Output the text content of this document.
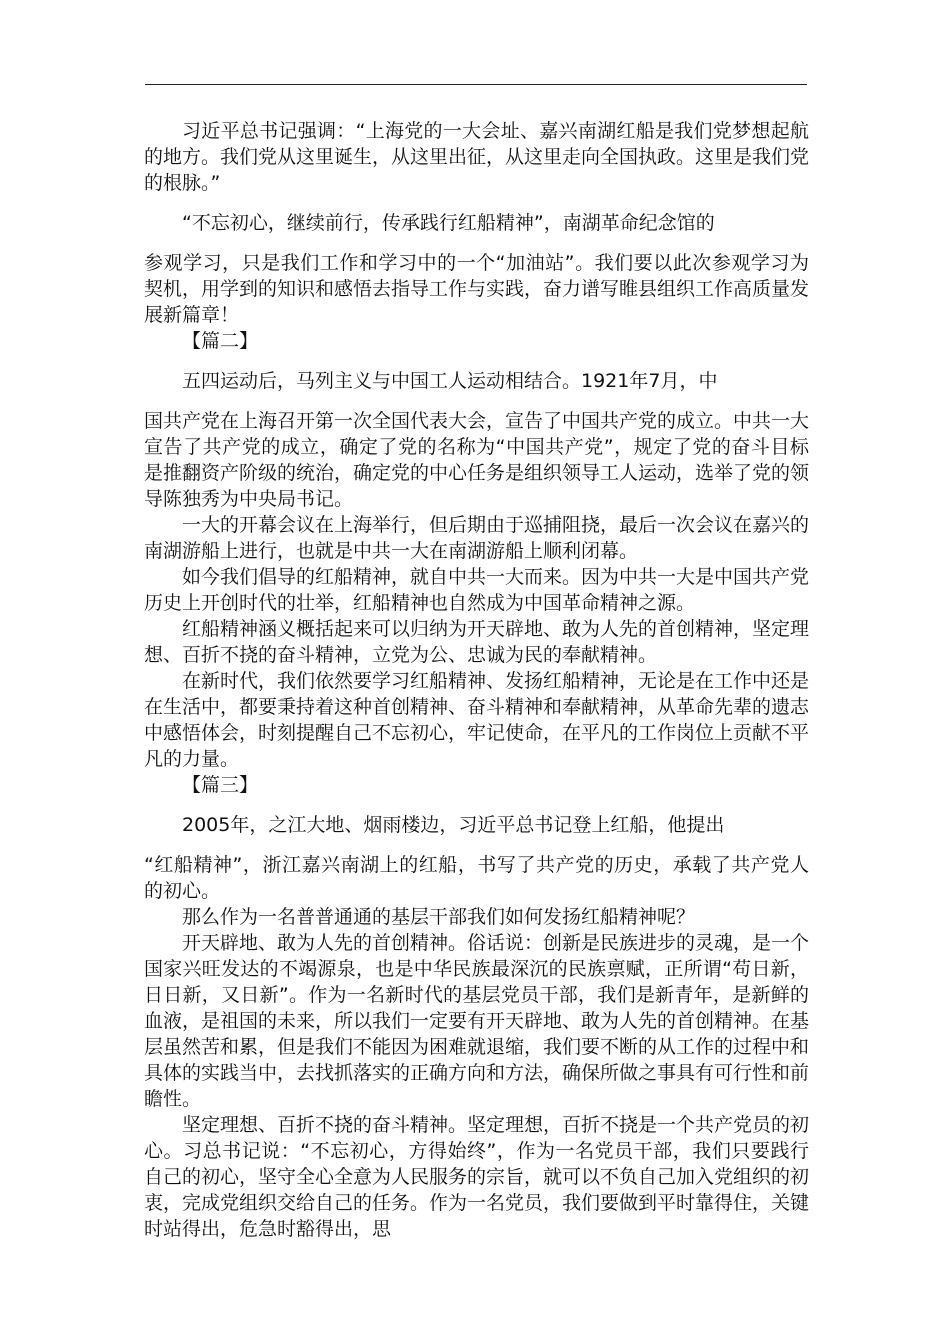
习近平总书记强调：“上海党的一大会址、嘉兴南湖红船是我们党梦想起航的地方。我们党从这里诞生，从这里出征，从这里走向全国执政。这里是我们党的根脉。”

“不忘初心，继续前行，传承践行红船精神”，南湖革命纪念馆的

参观学习，只是我们工作和学习中的一个“加油站”。我们要以此次参观学习为契机，用学到的知识和感悟去指导工作与实践，奋力谱写睢县组织工作高质量发展新篇章！

【篇二】

五四运动后，马列主义与中国工人运动相结合。1921年7月，中

国共产党在上海召开第一次全国代表大会，宣告了中国共产党的成立。中共一大宣告了共产党的成立，确定了党的名称为“中国共产党”，规定了党的奋斗目标是推翻资产阶级的统治，确定党的中心任务是组织领导工人运动，选举了党的领导陈独秀为中央局书记。

一大的开幕会议在上海举行，但后期由于巡捕阻挠，最后一次会议在嘉兴的南湖游船上进行，也就是中共一大在南湖游船上顺利闭幕。

如今我们倡导的红船精神，就自中共一大而来。因为中共一大是中国共产党历史上开创时代的壮举，红船精神也自然成为中国革命精神之源。

红船精神涵义概括起来可以归纳为开天辟地、敢为人先的首创精神，坚定理想、百折不挠的奋斗精神，立党为公、忠诚为民的奉献精神。

在新时代，我们依然要学习红船精神、发扬红船精神，无论是在工作中还是在生活中，都要秉持着这种首创精神、奋斗精神和奉献精神，从革命先辈的遗志中感悟体会，时刻提醒自己不忘初心，牢记使命，在平凡的工作岗位上贡献不平凡的力量。

【篇三】

2005年，之江大地、烟雨楼边，习近平总书记登上红船，他提出

“红船精神”，浙江嘉兴南湖上的红船，书写了共产党的历史，承载了共产党人的初心。

那么作为一名普普通通的基层干部我们如何发扬红船精神呢？

开天辟地、敢为人先的首创精神。俗话说：创新是民族进步的灵魂，是一个国家兴旺发达的不竭源泉，也是中华民族最深沉的民族禀赋，正所谓“苟日新，日日新，又日新”。作为一名新时代的基层党员干部，我们是新青年，是新鲜的血液，是祖国的未来，所以我们一定要有开天辟地、敢为人先的首创精神。在基层虽然苦和累，但是我们不能因为困难就退缩，我们要不断的从工作的过程中和具体的实践当中，去找抓落实的正确方向和方法，确保所做之事具有可行性和前瞻性。

坚定理想、百折不挠的奋斗精神。坚定理想，百折不挠是一个共产党员的初心。习总书记说：“不忘初心，方得始终”，作为一名党员干部，我们只要践行自己的初心，坚守全心全意为人民服务的宗旨，就可以不负自己加入党组织的初衷，完成党组织交给自己的任务。作为一名党员，我们要做到平时靠得住，关键时站得出，危急时豁得出，思
